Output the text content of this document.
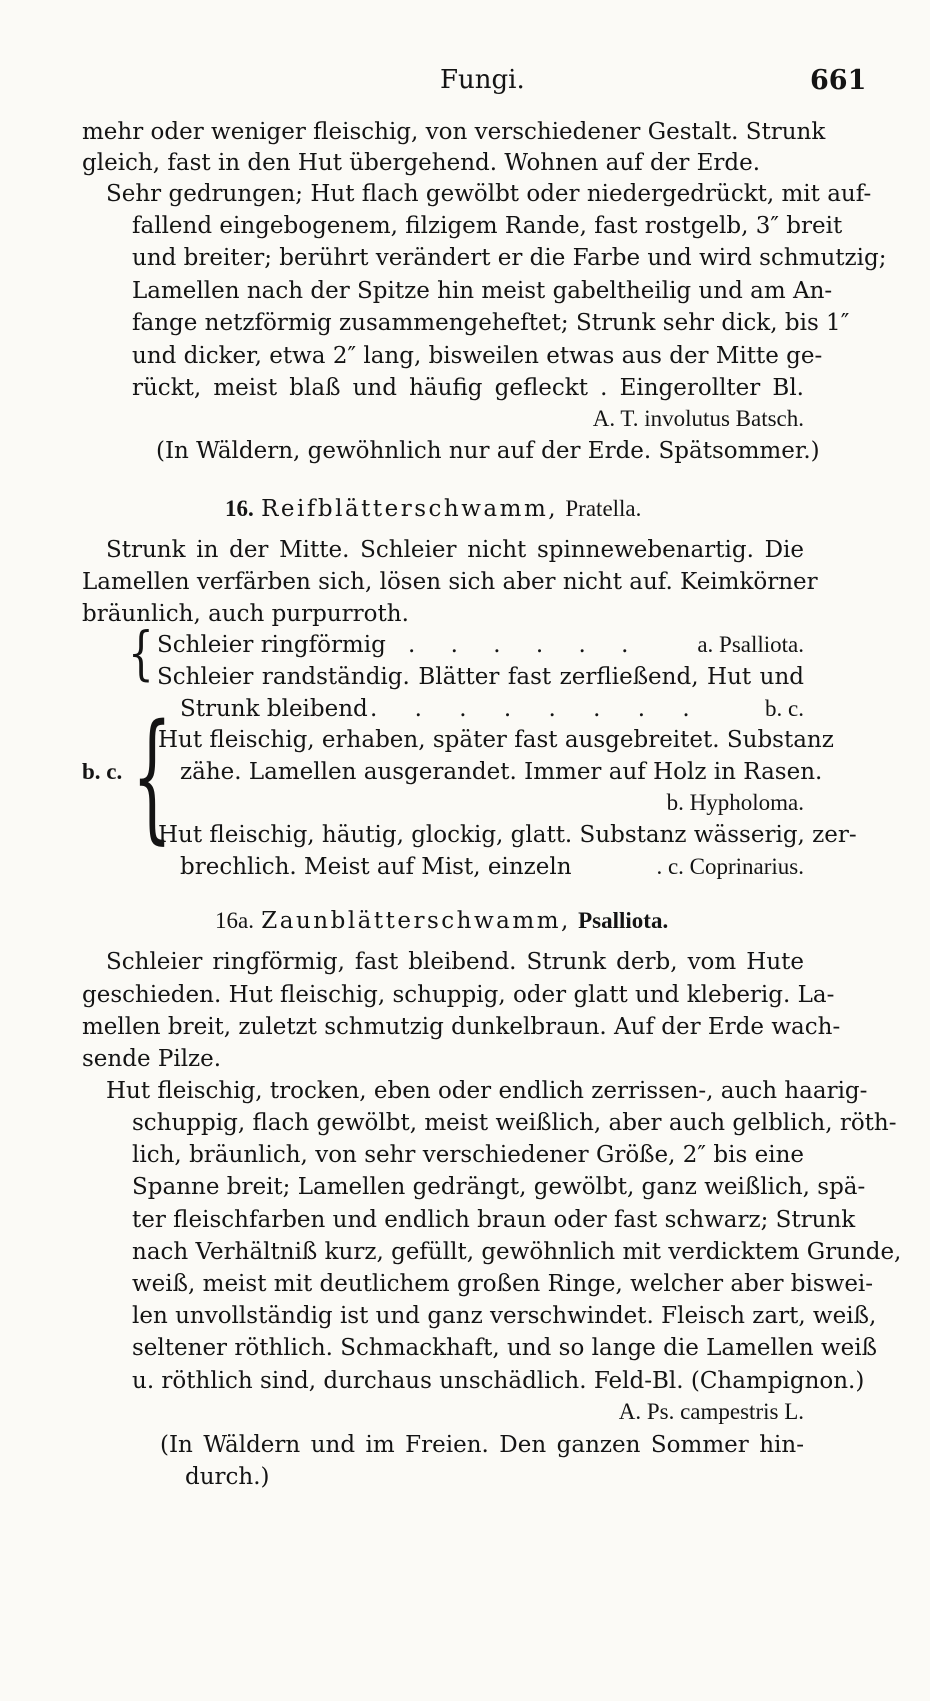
Fungi.	661
mehr oder weniger fleischig, von verschiedener Gestalt. Strunk
gleich, fast in den Hut übergehend. Wohnen auf der Erde.
Sehr gedrungen; Hut flach gewölbt oder niedergedrückt, mit auf-
fallend eingebogenem, filzigem Rande, fast rostgelb, 3″ breit
und breiter; berührt verändert er die Farbe und wird schmutzig;
Lamellen nach der Spitze hin meist gabeltheilig und am An-
fange netzförmig zusammengeheftet; Strunk sehr dick, bis 1″
und dicker, etwa 2″ lang, bisweilen etwas aus der Mitte ge-
rückt, meist blaß und häufig gefleckt . Eingerollter Bl.
A. T. involutus Batsch.
(In Wäldern, gewöhnlich nur auf der Erde. Spätsommer.)
16. Reifblätterschwamm, Pratella.
Strunk in der Mitte. Schleier nicht spinnewebenartig. Die
Lamellen verfärben sich, lösen sich aber nicht auf. Keimkörner
bräunlich, auch purpurroth.
{ Schleier ringförmig . . . . . .	a. Psalliota.
Schleier randständig. Blätter fast zerfließend, Hut und
Strunk bleibend . . . . . . . .	b. c.
b. c. {
Hut fleischig, erhaben, später fast ausgebreitet. Substanz
zähe. Lamellen ausgerandet. Immer auf Holz in Rasen.
b. Hypholoma.
Hut fleischig, häutig, glockig, glatt. Substanz wässerig, zer-
brechlich. Meist auf Mist, einzeln	. c. Coprinarius.
16a. Zaunblätterschwamm, Psalliota.
Schleier ringförmig, fast bleibend. Strunk derb, vom Hute
geschieden. Hut fleischig, schuppig, oder glatt und kleberig. La-
mellen breit, zuletzt schmutzig dunkelbraun. Auf der Erde wach-
sende Pilze.
Hut fleischig, trocken, eben oder endlich zerrissen-, auch haarig-
schuppig, flach gewölbt, meist weißlich, aber auch gelblich, röth-
lich, bräunlich, von sehr verschiedener Größe, 2″ bis eine
Spanne breit; Lamellen gedrängt, gewölbt, ganz weißlich, spä-
ter fleischfarben und endlich braun oder fast schwarz; Strunk
nach Verhältniß kurz, gefüllt, gewöhnlich mit verdicktem Grunde,
weiß, meist mit deutlichem großen Ringe, welcher aber biswei-
len unvollständig ist und ganz verschwindet. Fleisch zart, weiß,
seltener röthlich. Schmackhaft, und so lange die Lamellen weiß
u. röthlich sind, durchaus unschädlich. Feld-Bl. (Champignon.)
A. Ps. campestris L.
(In Wäldern und im Freien. Den ganzen Sommer hin-
durch.)
